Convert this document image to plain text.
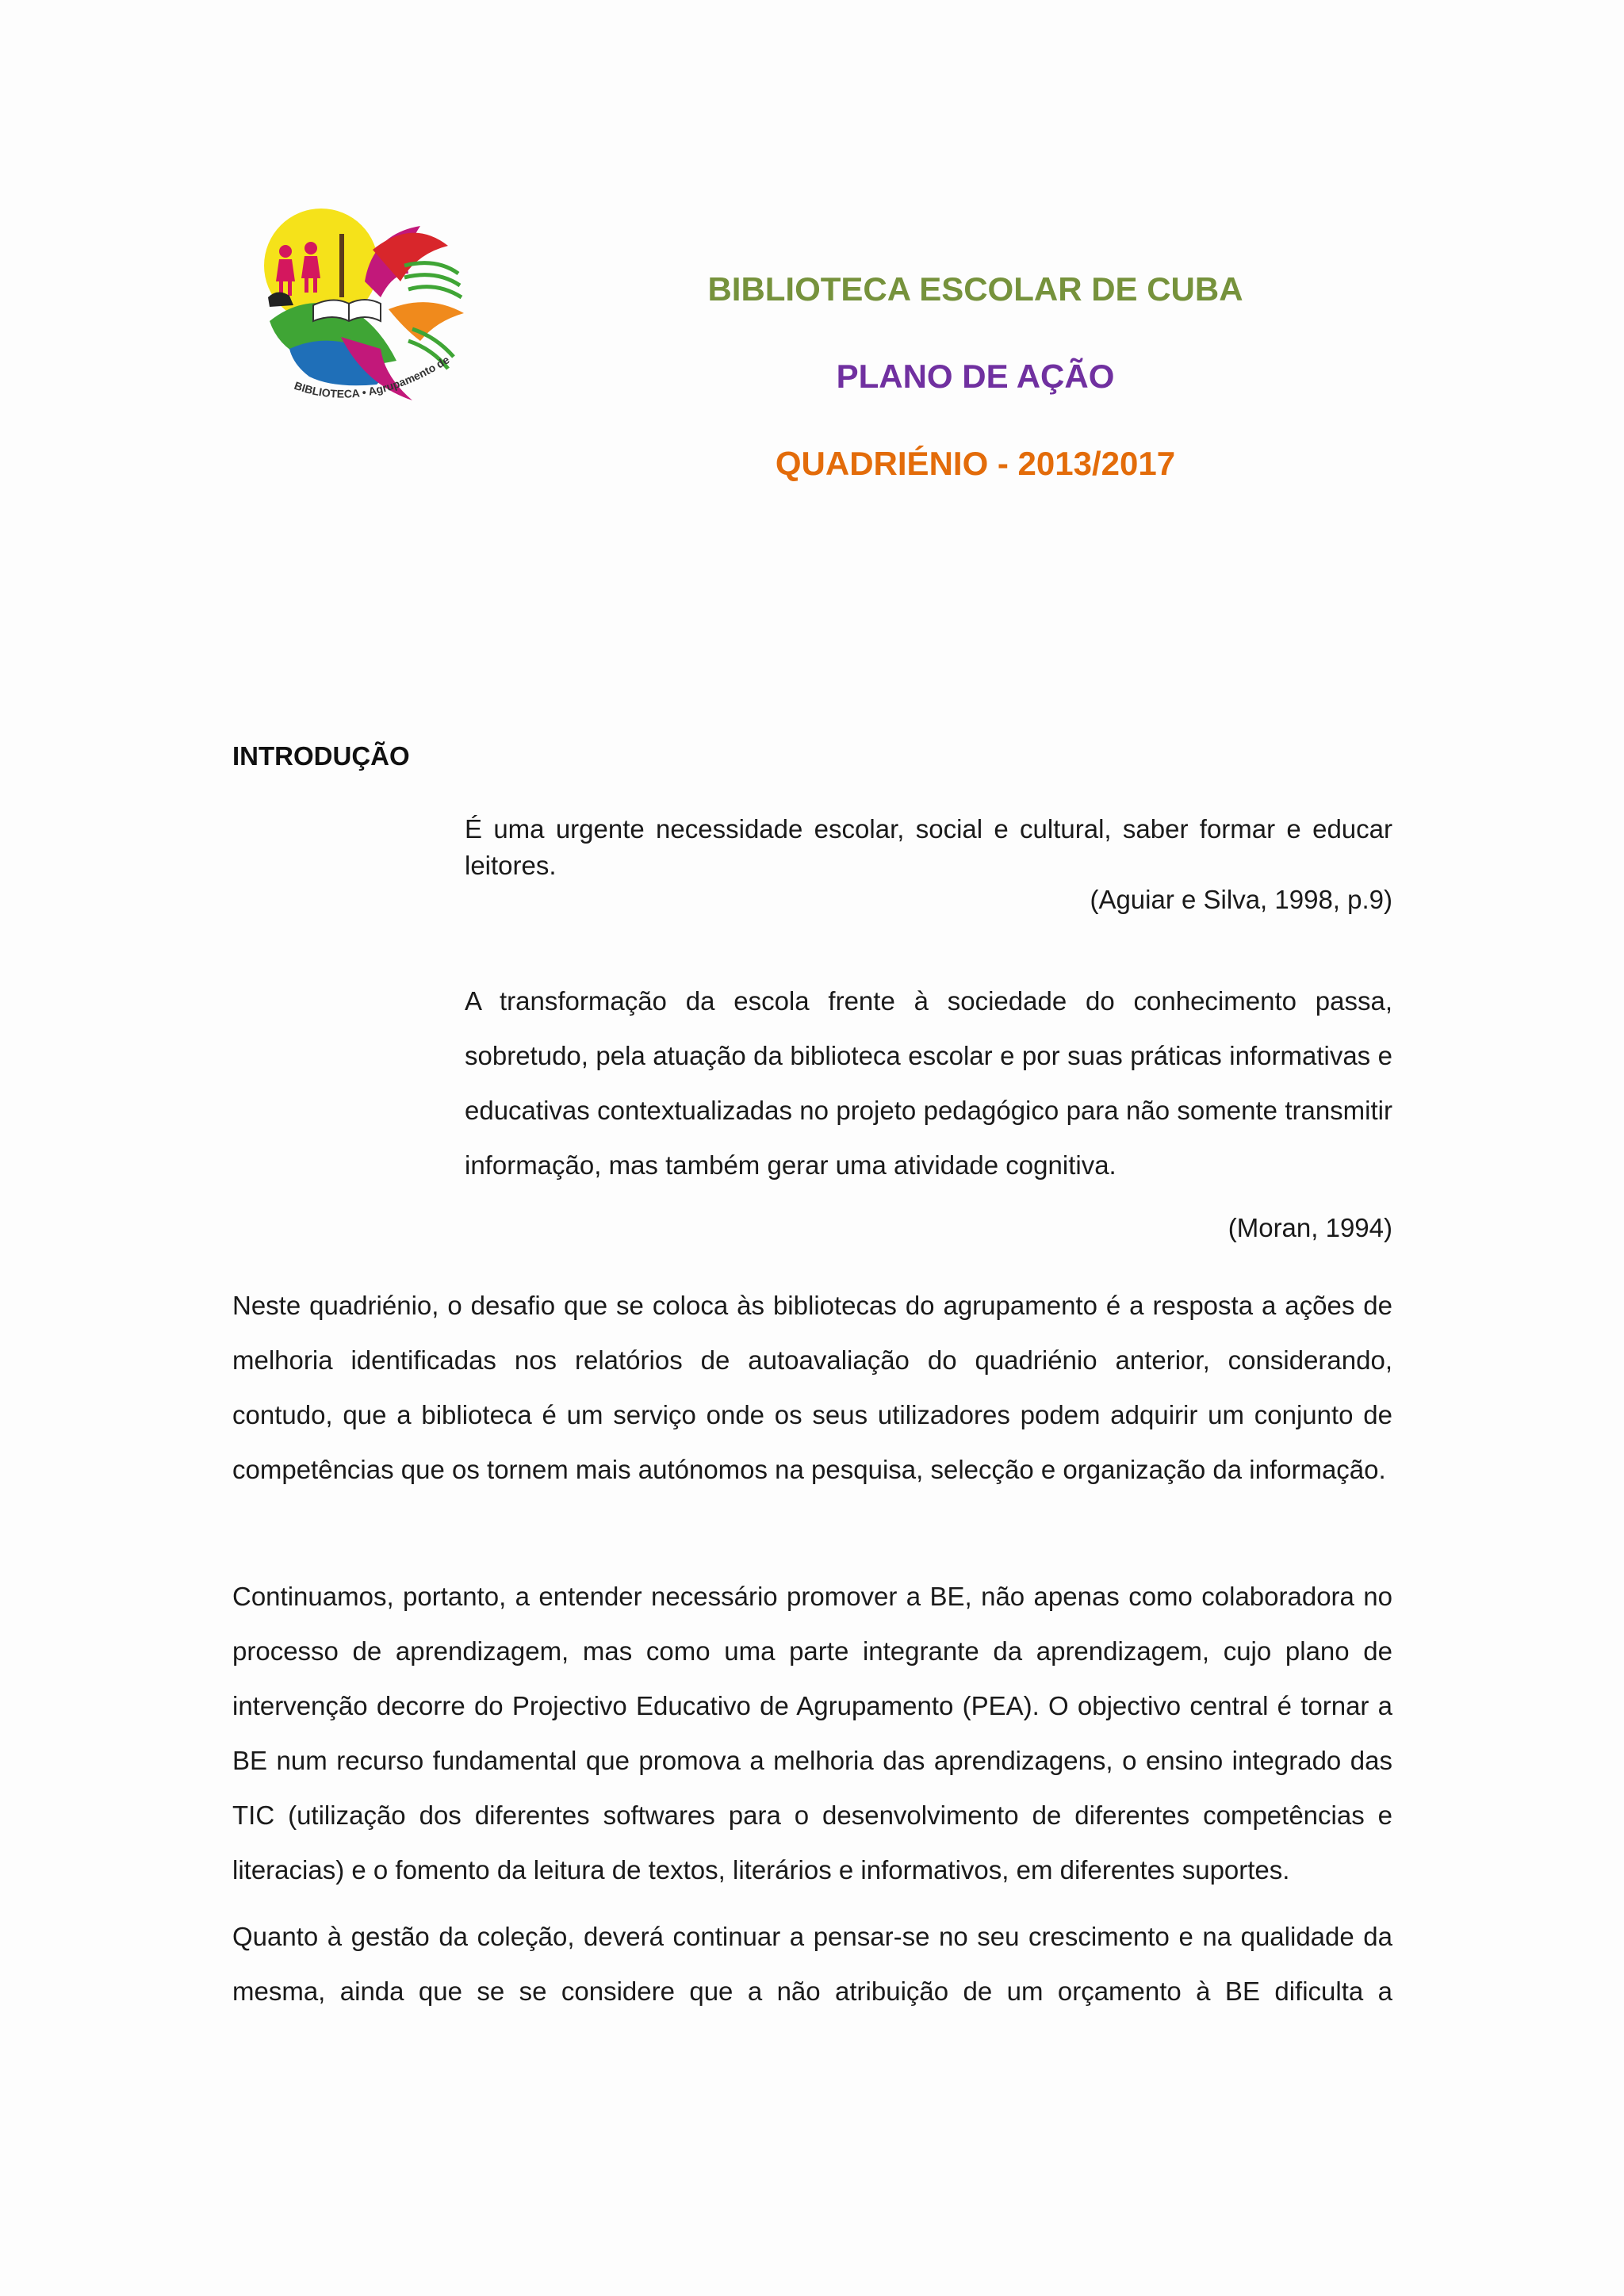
BIBLIOTECA • Agrupamento de
BIBLIOTECA ESCOLAR DE CUBA
PLANO DE AÇÃO
QUADRIÉNIO - 2013/2017
INTRODUÇÃO
É uma urgente necessidade escolar, social e cultural, saber formar e educar leitores.
(Aguiar e Silva, 1998, p.9)
A transformação da escola frente à sociedade do conhecimento passa, sobretudo, pela atuação da biblioteca escolar e por suas práticas informativas e educativas contextualizadas no projeto pedagógico para não somente transmitir informação, mas também gerar uma atividade cognitiva.
(Moran, 1994)
Neste quadriénio, o desafio que se coloca às bibliotecas do agrupamento é a resposta a ações de melhoria identificadas nos relatórios de autoavaliação do quadriénio anterior, considerando, contudo, que a biblioteca é um serviço onde os seus utilizadores podem adquirir um conjunto de competências que os tornem mais autónomos na pesquisa, selecção e organização da informação.
Continuamos, portanto, a entender necessário promover a BE, não apenas como colaboradora no processo de aprendizagem, mas como uma parte integrante da aprendizagem, cujo plano de intervenção decorre do Projectivo Educativo de Agrupamento (PEA). O objectivo central é tornar a BE num recurso fundamental que promova a melhoria das aprendizagens, o ensino integrado das TIC (utilização dos diferentes softwares para o desenvolvimento de diferentes competências e literacias) e o fomento da leitura de textos, literários e informativos, em diferentes suportes.
Quanto à gestão da coleção, deverá continuar a pensar-se no seu crescimento e na qualidade da mesma, ainda que se se considere que a não atribuição de um orçamento à BE dificulta a
